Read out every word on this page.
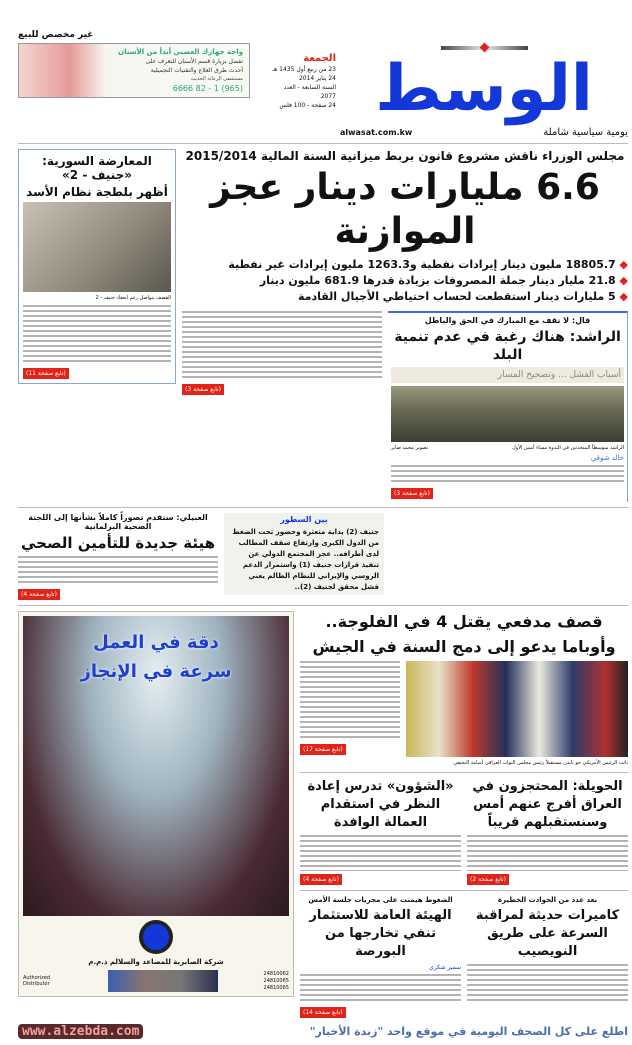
غير مخصص للبيع
واحة جهازك العصبي أبدأ من الأسنان
تفضل بزيارة قسم الأسنان للتعرف على
أحدث طرق العلاج والتقنيات التجميلية
مستشفى الرعاية الحديث
(965) 1 - 82 6666
الجمعة
23 من ربيع أول 1435 هـ
24 يناير 2014
السنة السابعة - العدد
2077
24 صفحة - 100 فلس الوسط
alwasat.com.kw	يومية سياسية شاملة
المعارضة السورية: «جنيف - 2»
أظهر بلطجة نظام الأسد
القصف يتواصل رغم انعقاد جنيف - 2
(تابع صفحة 11)
مجلس الوزراء ناقش مشروع قانون بربط ميزانية السنة المالية 2015/2014
6.6 مليارات دينار عجز الموازنة
◆ 18805.7 مليون دينار إيرادات نفطية و1263.3 مليون إيرادات غير نفطية
◆ 21.8 مليار دينار جملة المصروفات بزيادة قدرها 681.9 مليون دينار
◆ 5 مليارات دينار استقطعت لحساب احتياطي الأجيال القادمة
(تابع صفحة 3)
قال: لا نقف مع المبارك في الحق والباطل
الراشد: هناك رغبة في عدم تنمية البلد
أسباب الفشل ... وتصحيح المسار
تصوير محمد صابر	الراشد متوسطاً المتحدثين في الندوة مساء أمس الأول
خالد شوقي
(تابع صفحة 3)
العبيلي: سنقدم تصوراً كاملاً بشأنها إلى اللجنة الصحية البرلمانية
هيئة جديدة للتأمين الصحي
(تابع صفحة 4)
بين السطور
جنيف (2) بداية متعثرة وحضور تحت الضغط من الدول الكبرى وارتفاع سقف المطالب لدى أطرافه.. عجز المجتمع الدولي عن تنفيذ قرارات جنيف (1) واستمرار الدعم الروسي والإيراني للنظام الظالم يعني فشل محقق لجنيف (2)..
دقة في العمل
سرعة في الإنجاز
شركة الصابرية للمصاعد والسلالم ذ.م.م
Authorized Distributor
24810062
24810065
24810065
قصف مدفعي يقتل 4 في الفلوجة..
وأوباما يدعو إلى دمج السنة في الجيش
(تابع صفحة 17)
نائب الرئيس الأمريكي جو بايدن مستقبلاً رئيس مجلس النواب العراقي أسامة النجيفي
«الشؤون» تدرس إعادة النظر في استقدام العمالة الوافدة
(تابع صفحة 4)
الحويلة: المحتجزون في العراق أفرج عنهم أمس وسنستقبلهم قريباً
(تابع صفحة 2)
الضغوط هيمنت على مجريات جلسة الأمس
الهيئة العامة للاستثمار تنفي تخارجها من البورصة
سمير شكري
(تابع صفحة 14)
بعد عدد من الحوادث الخطيرة
كاميرات حديثة لمراقبة السرعة على طريق النويصيب
www.alzebda.com	اطلع على كل الصحف اليومية في موقع واحد "زبدة الأخبار"
